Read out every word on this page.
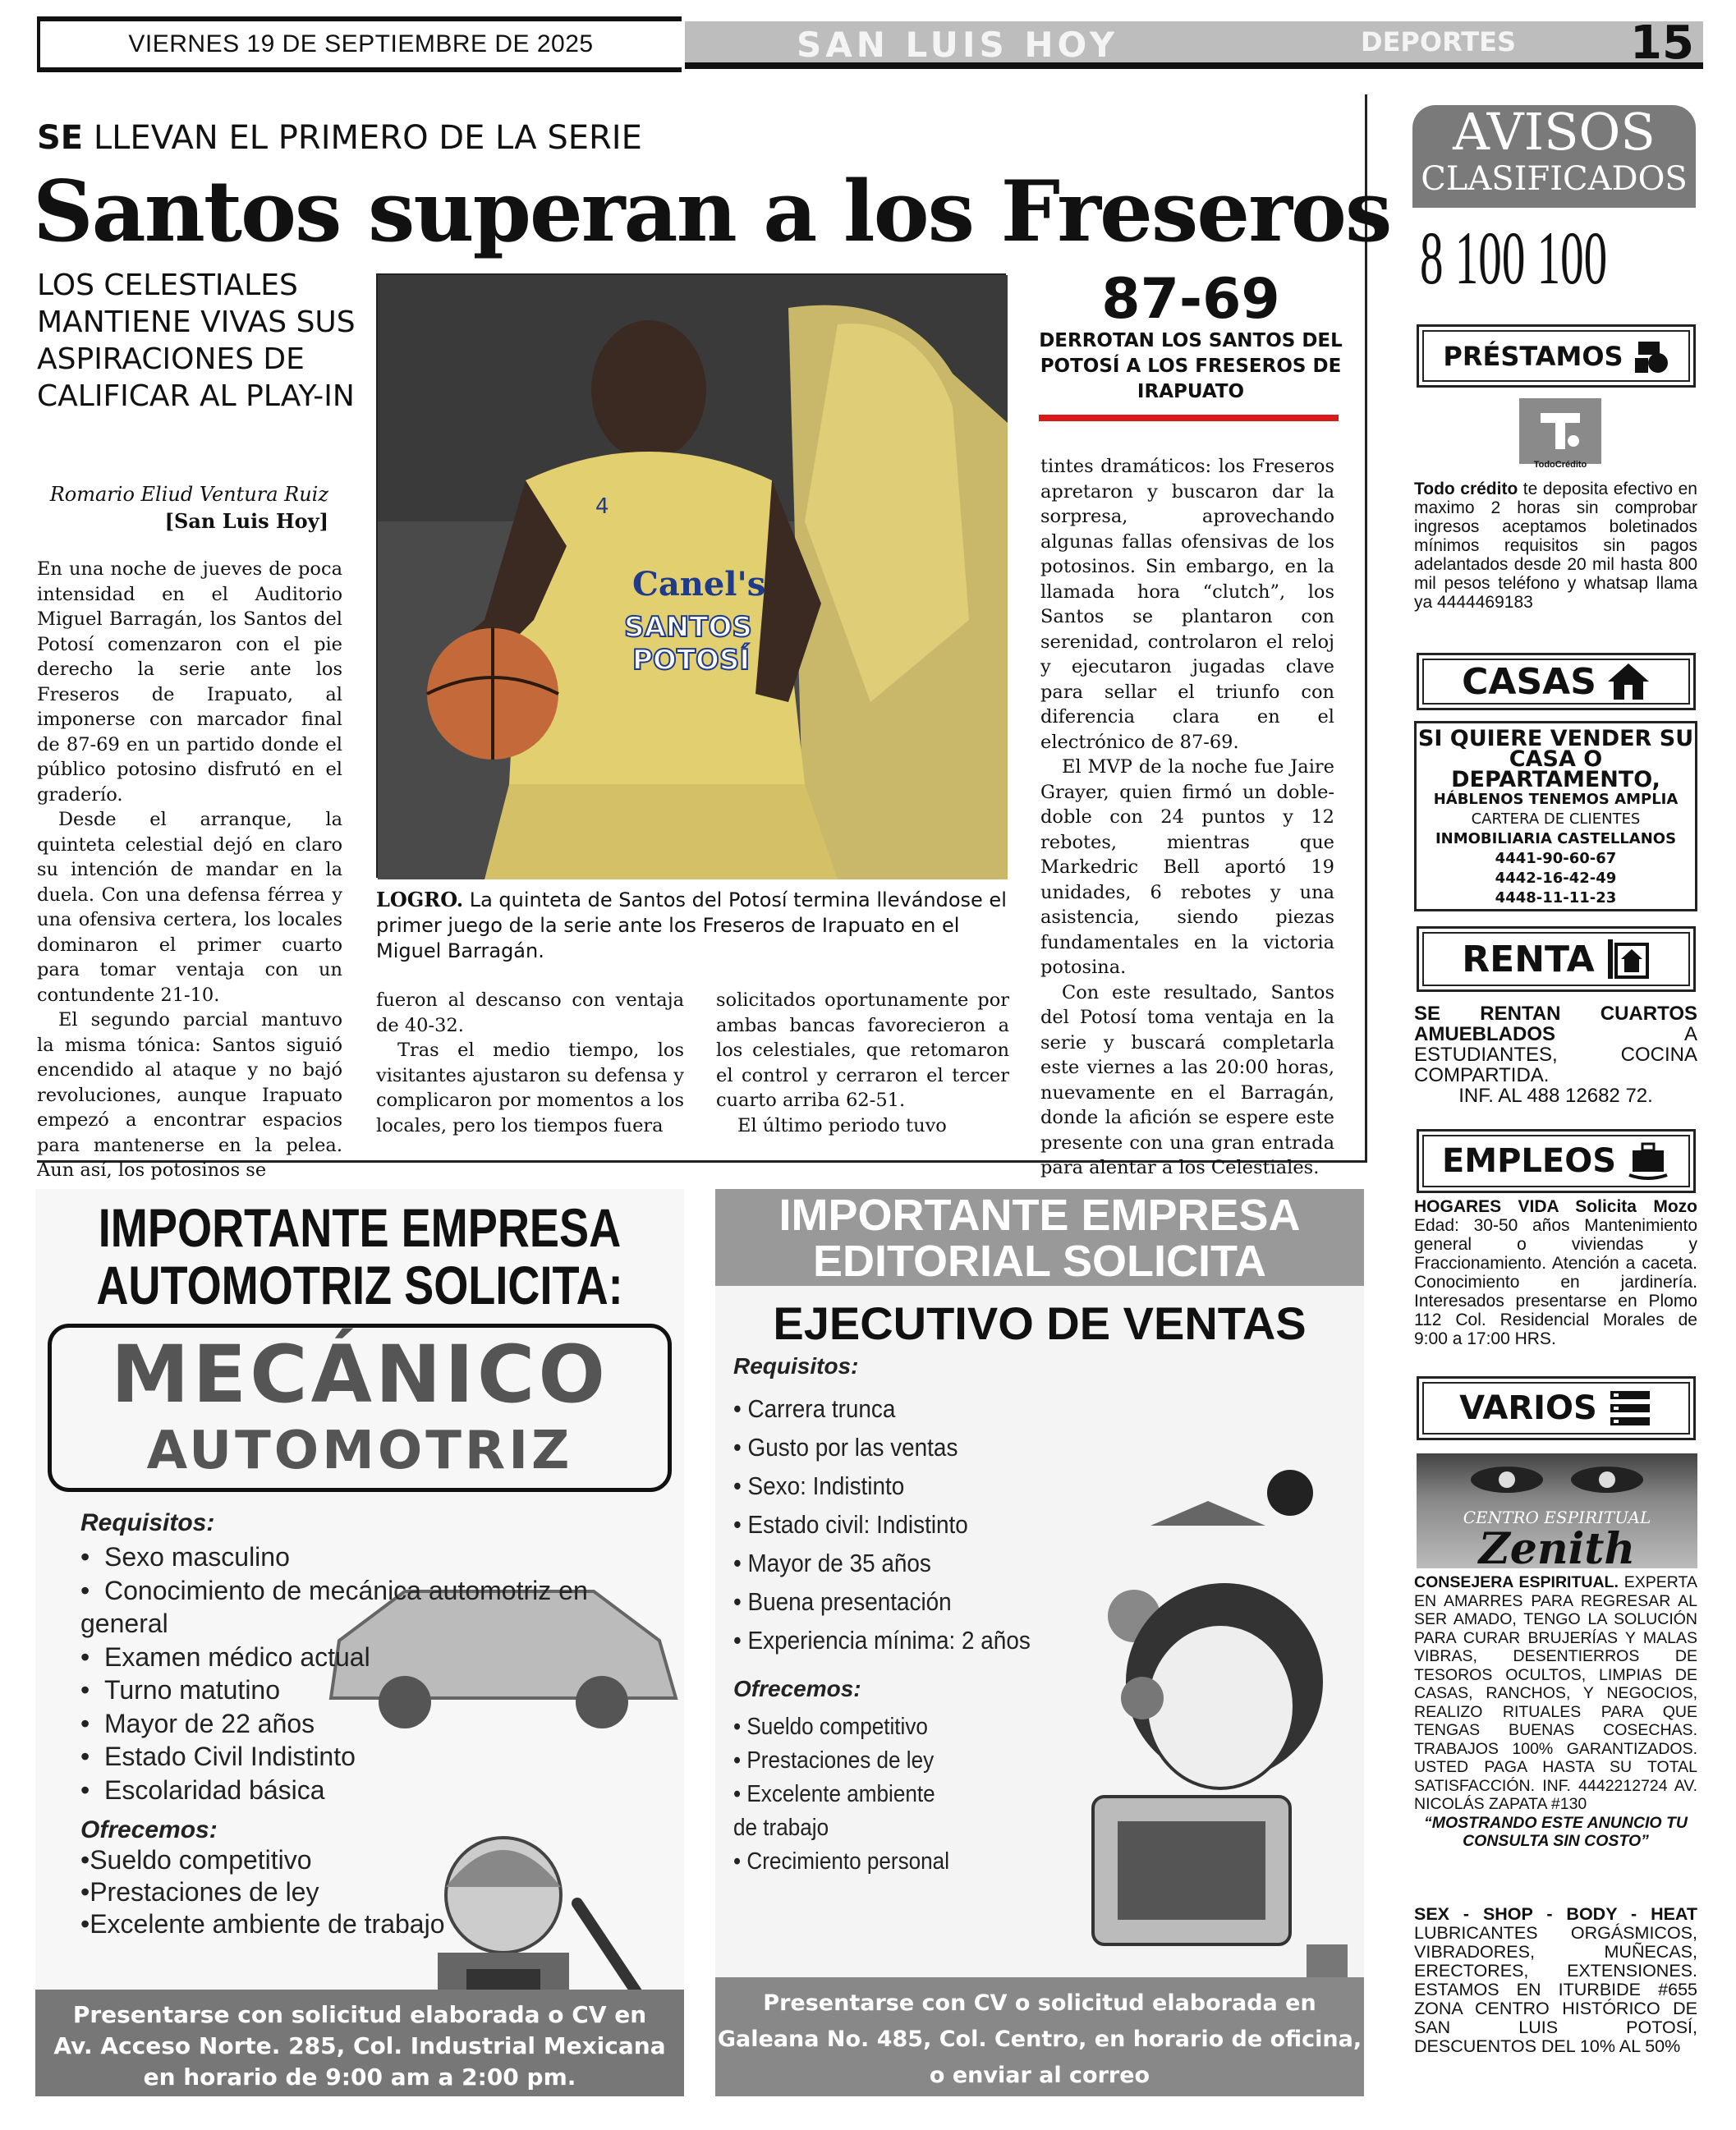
VIERNES 19 DE SEPTIEMBRE DE 2025	SAN LUIS HOY	DEPORTES 15
SE LLEVAN EL PRIMERO DE LA SERIE
Santos superan a los Freseros
LOS CELESTIALES MANTIENE VIVAS SUS ASPIRACIONES DE CALIFICAR AL PLAY-IN
Romario Eliud Ventura Ruiz
[San Luis Hoy]

En una noche de jueves de poca intensidad en el Auditorio Miguel Barragán, los Santos del Potosí comenzaron con el pie derecho la serie ante los Freseros de Irapuato, al imponerse con marcador final de 87-69 en un partido donde el público potosino disfrutó en el graderío.

Desde el arranque, la quinteta celestial dejó en claro su intención de mandar en la duela. Con una defensa férrea y una ofensiva certera, los locales dominaron el primer cuarto para tomar ventaja con un contundente 21-10.

El segundo parcial mantuvo la misma tónica: Santos siguió encendido al ataque y no bajó revoluciones, aunque Irapuato empezó a encontrar espacios para mantenerse en la pelea. Aun así, los potosinos se

4
Canel's
SANTOS
POTOSÍ
LOGRO. La quinteta de Santos del Potosí termina llevándose el primer juego de la serie ante los Freseros de Irapuato en el Miguel Barragán.

fueron al descanso con ventaja de 40-32.

Tras el medio tiempo, los visitantes ajustaron su defensa y complicaron por momentos a los locales, pero los tiempos fuera

solicitados oportunamente por ambas bancas favorecieron a los celestiales, que retomaron el control y cerraron el tercer cuarto arriba 62-51.

El último periodo tuvo

87-69
DERROTAN LOS SANTOS DEL POTOSÍ A LOS FRESEROS DE IRAPUATO

tintes dramáticos: los Freseros apretaron y buscaron dar la sorpresa, aprovechando algunas fallas ofensivas de los potosinos. Sin embargo, en la llamada hora “clutch”, los Santos se plantaron con serenidad, controlaron el reloj y ejecutaron jugadas clave para sellar el triunfo con diferencia clara en el electrónico de 87-69.

El MVP de la noche fue Jaire Grayer, quien firmó un doble-doble con 24 puntos y 12 rebotes, mientras que Markedric Bell aportó 19 unidades, 6 rebotes y una asistencia, siendo piezas fundamentales en la victoria potosina.

Con este resultado, Santos del Potosí toma ventaja en la serie y buscará completarla este viernes a las 20:00 horas, nuevamente en el Barragán, donde la afición se espere este presente con una gran entrada para alentar a los Celestiales.

AVISOS
CLASIFICADOS
8 100 100
PRÉSTAMOS
TodoCrédito
Todo crédito te deposita efectivo en maximo 2 horas sin comprobar ingresos aceptamos boletinados mínimos requisitos sin pagos adelantados desde 20 mil hasta 800 mil pesos teléfono y whatsap llama ya 4444469183
CASAS
SI QUIERE VENDER SU CASA O DEPARTAMENTO,
HÁBLENOS TENEMOS AMPLIA
CARTERA DE CLIENTES
INMOBILIARIA CASTELLANOS
4441-90-60-67
4442-16-42-49
4448-11-11-23
RENTA
SE RENTAN CUARTOS AMUEBLADOS	A ESTUDIANTES, COCINA COMPARTIDA.
INF. AL 488 12682 72.
EMPLEOS
HOGARES VIDA Solicita Mozo Edad: 30-50 años Mantenimiento general o viviendas y Fraccionamiento. Atención a caceta. Conocimiento en jardinería. Interesados presentarse en Plomo 112 Col. Residencial Morales de 9:00 a 17:00 HRS.
VARIOS
CENTRO ESPIRITUAL
Zenith
CONSEJERA ESPIRITUAL. EXPERTA EN AMARRES PARA REGRESAR AL SER AMADO, TENGO LA SOLUCIÓN PARA CURAR BRUJERÍAS Y MALAS VIBRAS, DESENTIERROS DE TESOROS OCULTOS, LIMPIAS DE CASAS, RANCHOS, Y NEGOCIOS, REALIZO RITUALES PARA QUE TENGAS BUENAS COSECHAS. TRABAJOS 100% GARANTIZADOS. USTED PAGA HASTA SU TOTAL SATISFACCIÓN. INF. 4442212724 AV. NICOLÁS ZAPATA #130
“MOSTRANDO ESTE ANUNCIO TU CONSULTA SIN COSTO”
SEX - SHOP - BODY - HEAT LUBRICANTES ORGÁSMICOS, VIBRADORES, MUÑECAS, ERECTORES, EXTENSIONES. ESTAMOS EN ITURBIDE #655 ZONA CENTRO HISTÓRICO DE SAN LUIS POTOSÍ, DESCUENTOS DEL 10% AL 50%
IMPORTANTE EMPRESA
AUTOMOTRIZ SOLICITA:
MECÁNICO
AUTOMOTRIZ
Requisitos:
•  Sexo masculino
•  Conocimiento de mecánica automotriz en general
•  Examen médico actual
•  Turno matutino
•  Mayor de 22 años
•  Estado Civil Indistinto
•  Escolaridad básica
Ofrecemos:
•Sueldo competitivo
•Prestaciones de ley
•Excelente ambiente de trabajo
Presentarse con solicitud elaborada o CV en
Av. Acceso Norte. 285, Col. Industrial Mexicana
en horario de 9:00 am a 2:00 pm.
IMPORTANTE EMPRESA
EDITORIAL SOLICITA
EJECUTIVO DE VENTAS
Requisitos:
• Carrera trunca
• Gusto por las ventas
• Sexo: Indistinto
• Estado civil: Indistinto
• Mayor de 35 años
• Buena presentación
• Experiencia mínima: 2 años
Ofrecemos:
• Sueldo competitivo
• Prestaciones de ley
• Excelente ambiente de trabajo
• Crecimiento personal
Presentarse con CV o solicitud elaborada en
Galeana No. 485, Col. Centro, en horario de oficina,
o enviar al correo recursos.humanos@pulsoslp.com.mx
